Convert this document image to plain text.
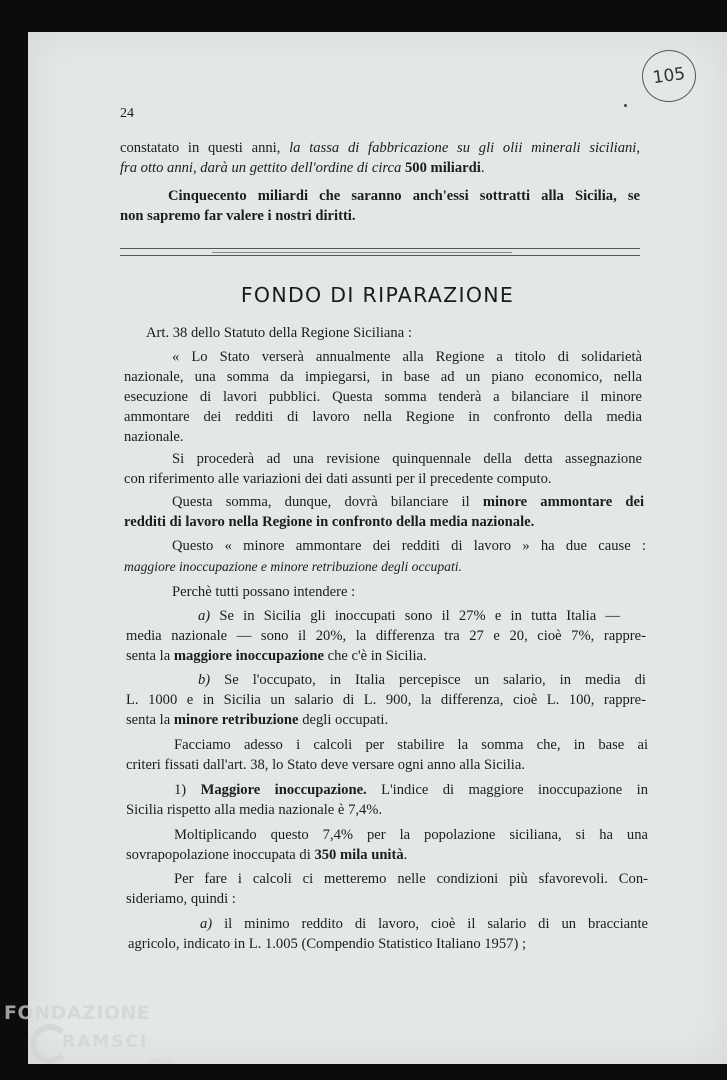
105
24
constatato in questi anni, la tassa di fabbricazione su gli olii minerali siciliani,
fra otto anni, darà un gettito dell'ordine di circa 500 miliardi.
Cinquecento miliardi che saranno anch'essi sottratti alla Sicilia, se
non sapremo far valere i nostri diritti.
FONDO DI RIPARAZIONE
Art. 38 dello Statuto della Regione Siciliana :
« Lo Stato verserà annualmente alla Regione a titolo di solidarietà
nazionale, una somma da impiegarsi, in base ad un piano economico, nella
esecuzione di lavori pubblici. Questa somma tenderà a bilanciare il minore
ammontare dei redditi di lavoro nella Regione in confronto della media
nazionale.
Si procederà ad una revisione quinquennale della detta assegnazione
con riferimento alle variazioni dei dati assunti per il precedente computo.
Questa somma, dunque, dovrà bilanciare il minore ammontare dei
redditi di lavoro nella Regione in confronto della media nazionale.
Questo « minore ammontare dei redditi di lavoro » ha due cause :
maggiore inoccupazione e minore retribuzione degli occupati.
Perchè tutti possano intendere :
a) Se in Sicilia gli inoccupati sono il 27% e in tutta Italia —
media nazionale — sono il 20%, la differenza tra 27 e 20, cioè 7%, rappre-
senta la maggiore inoccupazione che c'è in Sicilia.
b) Se l'occupato, in Italia percepisce un salario, in media di
L. 1000 e in Sicilia un salario di L. 900, la differenza, cioè L. 100, rappre-
senta la minore retribuzione degli occupati.
Facciamo adesso i calcoli per stabilire la somma che, in base ai
criteri fissati dall'art. 38, lo Stato deve versare ogni anno alla Sicilia.
1) Maggiore inoccupazione. L'indice di maggiore inoccupazione in
Sicilia rispetto alla media nazionale è 7,4%.
Moltiplicando questo 7,4% per la popolazione siciliana, si ha una
sovrapopolazione inoccupata di 350 mila unità.
Per fare i calcoli ci metteremo nelle condizioni più sfavorevoli. Con-
sideriamo, quindi :
a) il minimo reddito di lavoro, cioè il salario di un bracciante
agricolo, indicato in L. 1.005 (Compendio Statistico Italiano 1957) ;
FONDAZIONE
RAMSCI
onlus
